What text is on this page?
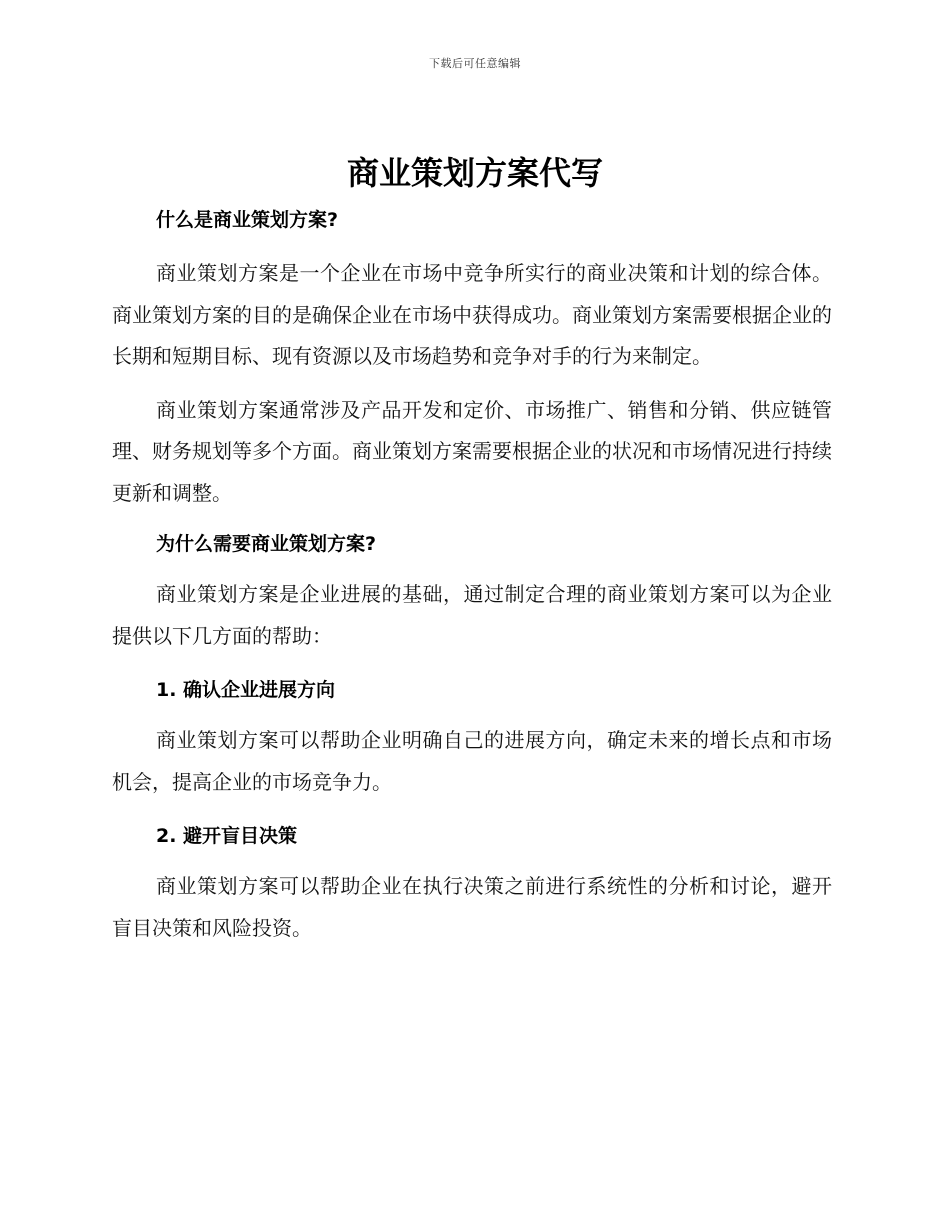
下载后可任意编辑
商业策划方案代写

什么是商业策划方案?

商业策划方案是一个企业在市场中竞争所实行的商业决策和计划的综合体。商业策划方案的目的是确保企业在市场中获得成功。商业策划方案需要根据企业的长期和短期目标、现有资源以及市场趋势和竞争对手的行为来制定。

商业策划方案通常涉及产品开发和定价、市场推广、销售和分销、供应链管理、财务规划等多个方面。商业策划方案需要根据企业的状况和市场情况进行持续更新和调整。

为什么需要商业策划方案?

商业策划方案是企业进展的基础，通过制定合理的商业策划方案可以为企业提供以下几方面的帮助：

1. 确认企业进展方向

商业策划方案可以帮助企业明确自己的进展方向，确定未来的增长点和市场机会，提高企业的市场竞争力。

2. 避开盲目决策

商业策划方案可以帮助企业在执行决策之前进行系统性的分析和讨论，避开盲目决策和风险投资。
